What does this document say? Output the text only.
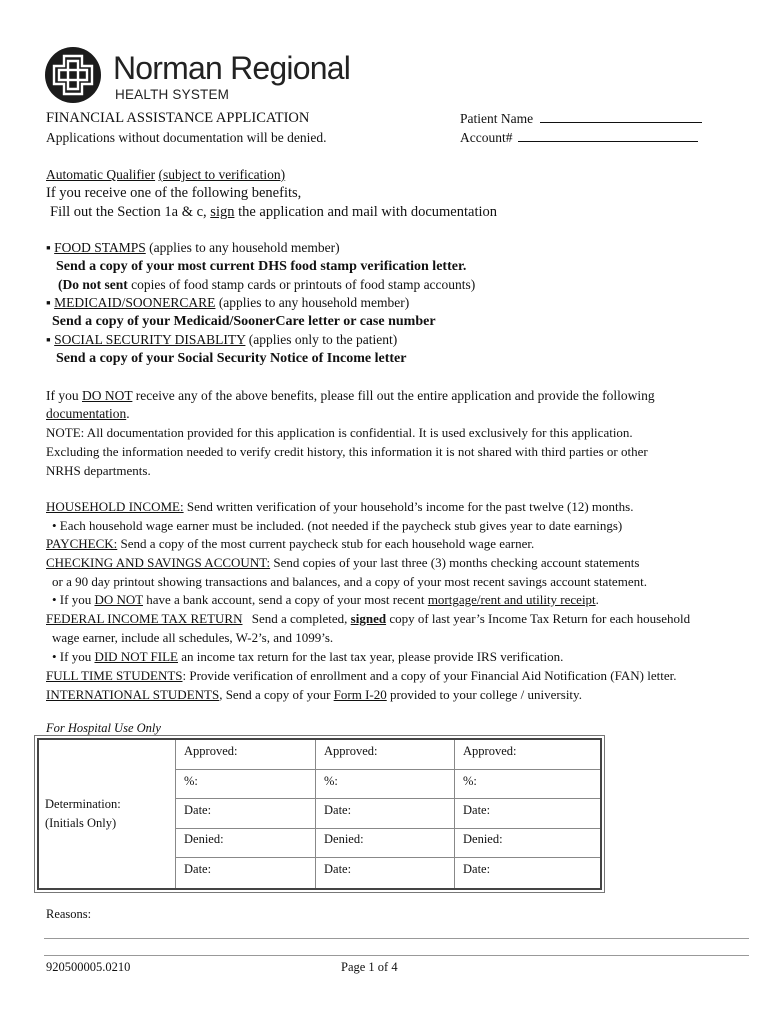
Norman Regional
HEALTH SYSTEM
FINANCIAL ASSISTANCE APPLICATION
Applications without documentation will be denied.
Patient Name
Account#
Automatic Qualifier (subject to verification)
If you receive one of the following benefits,
Fill out the Section 1a & c, sign the application and mail with documentation
▪ FOOD STAMPS (applies to any household member)
Send a copy of your most current DHS food stamp verification letter.
(Do not sent copies of food stamp cards or printouts of food stamp accounts)
▪ MEDICAID/SOONERCARE (applies to any household member)
Send a copy of your Medicaid/SoonerCare letter or case number
▪ SOCIAL SECURITY DISABLITY (applies only to the patient)
Send a copy of your Social Security Notice of Income letter
If you DO NOT receive any of the above benefits, please fill out the entire application and provide the following
documentation.
NOTE: All documentation provided for this application is confidential. It is used exclusively for this application.
Excluding the information needed to verify credit history, this information it is not shared with third parties or other
NRHS departments.
HOUSEHOLD INCOME: Send written verification of your household’s income for the past twelve (12) months.
• Each household wage earner must be included. (not needed if the paycheck stub gives year to date earnings)
PAYCHECK: Send a copy of the most current paycheck stub for each household wage earner.
CHECKING AND SAVINGS ACCOUNT: Send copies of your last three (3) months checking account statements
or a 90 day printout showing transactions and balances, and a copy of your most recent savings account statement.
• If you DO NOT have a bank account, send a copy of your most recent mortgage/rent and utility receipt.
FEDERAL INCOME TAX RETURN Send a completed, signed copy of last year’s Income Tax Return for each household
wage earner, include all schedules, W-2’s, and 1099’s.
• If you DID NOT FILE an income tax return for the last tax year, please provide IRS verification.
FULL TIME STUDENTS: Provide verification of enrollment and a copy of your Financial Aid Notification (FAN) letter.
INTERNATIONAL STUDENTS, Send a copy of your Form I-20 provided to your college / university.
For Hospital Use Only
Determination:
(Initials Only)
Approved:
%:
Date:
Denied:
Date:
Approved:
%:
Date:
Denied:
Date:
Approved:
%:
Date:
Denied:
Date:
Reasons:
920500005.0210	Page 1 of 4
